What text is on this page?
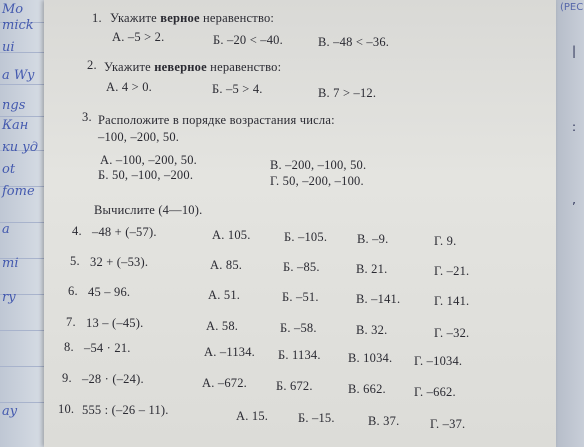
Mo
mick
ui
a Wy
ngs
Кан
ки уд
ot
fome
a
mi
ry
ay
(PEC
|
:
’
1. Укажите верное неравенство:
А. –5 > 2.	Б. –20 < –40.	В. –48 < –36.
2. Укажите неверное неравенство:
А. 4 > 0.	Б. –5 > 4.	В. 7 > –12.
3. Расположите в порядке возрастания числа:
–100, –200, 50.
А. –100, –200, 50.	В. –200, –100, 50.
Б. 50, –100, –200.	Г. 50, –200, –100.
Вычислите (4—10).
4. –48 + (–57).	А. 105.	Б. –105. В. –9.	Г. 9.
5. 32 + (–53).	А. 85.	Б. –85.	В. 21.	Г. –21.
6. 45 – 96.	А. 51.	Б. –51.	В. –141.	Г. 141.
7. 13 – (–45).	А. 58.	Б. –58.	В. 32.	Г. –32.
8. –54 · 21.	А. –1134. Б. 1134. В. 1034. Г. –1034.
9. –28 · (–24).	А. –672. Б. 672.	В. 662. Г. –662.
10. 555 : (–26 – 11).	А. 15. Б. –15.	В. 37. Г. –37.
